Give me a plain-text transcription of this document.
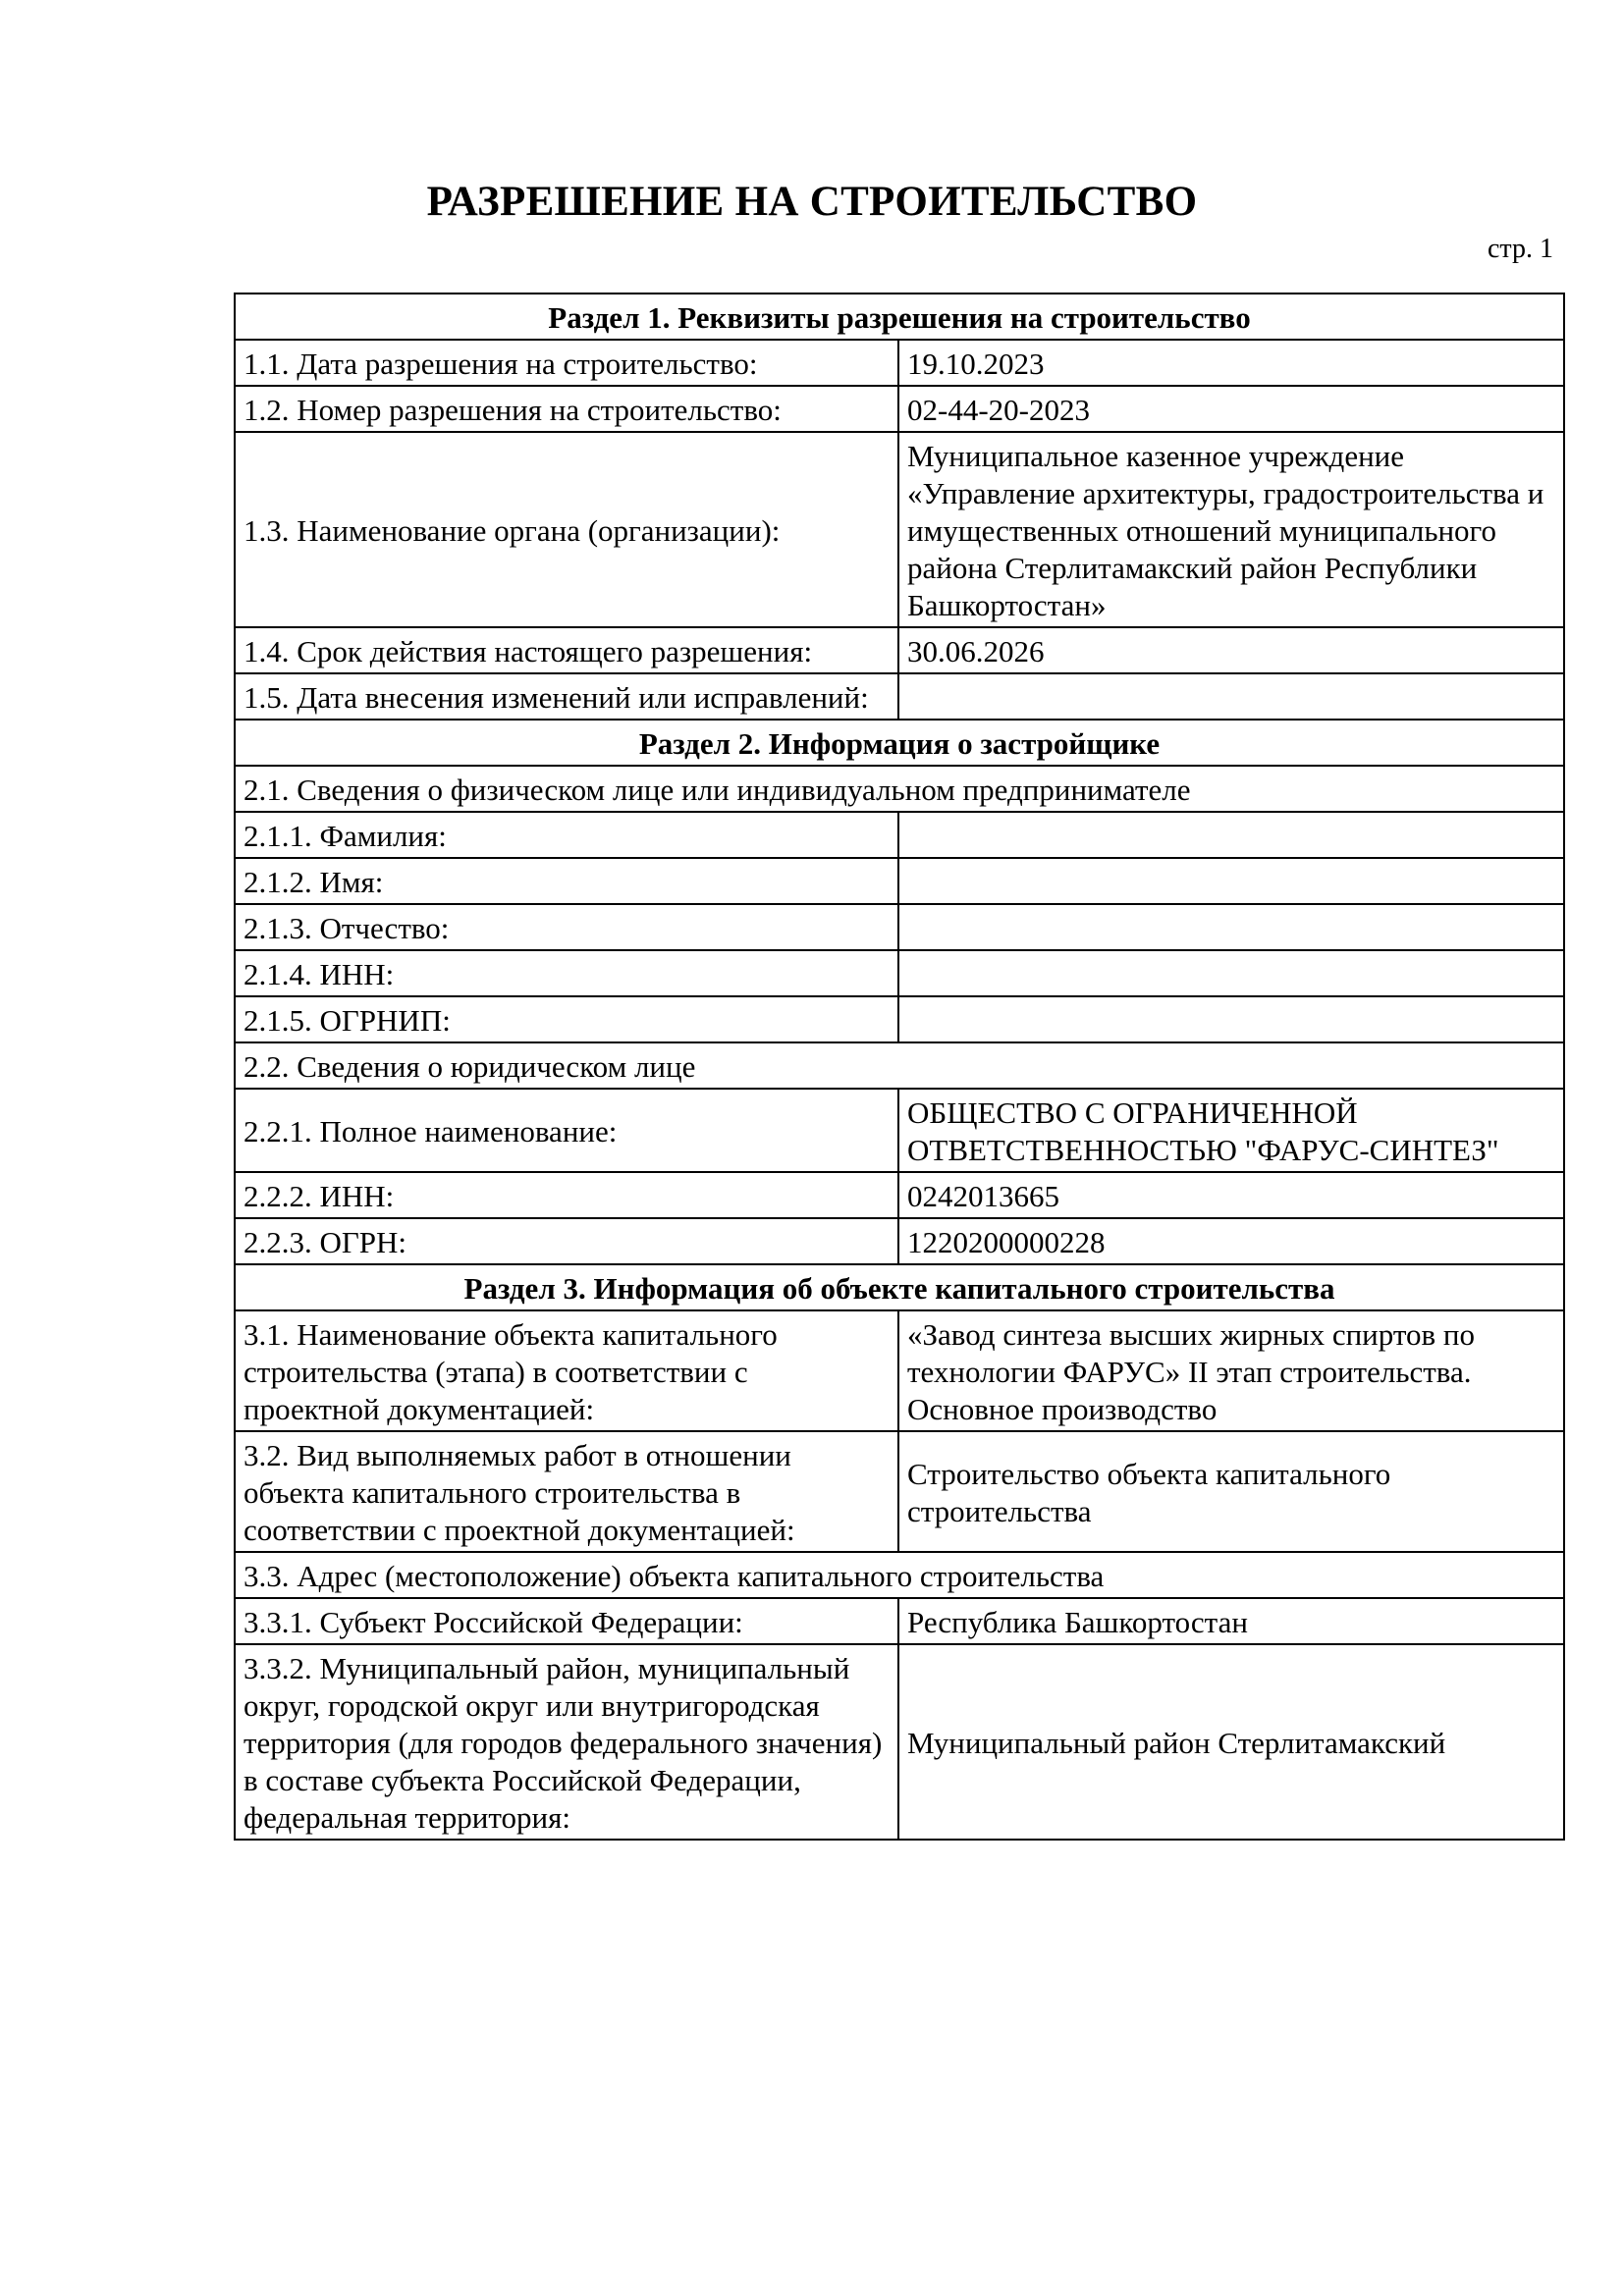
РАЗРЕШЕНИЕ НА СТРОИТЕЛЬСТВО
стр. 1
Раздел 1. Реквизиты разрешения на строительство	
1.1. Дата разрешения на строительство:	19.10.2023
1.2. Номер разрешения на строительство:	02-44-20-2023
1.3. Наименование органа (организации):	Муниципальное казенное учреждение «Управление архитектуры, градостроительства и имущественных отношений муниципального района Стерлитамакский район Республики Башкортостан»
1.4. Срок действия настоящего разрешения:	30.06.2026
1.5. Дата внесения изменений или исправлений:	
Раздел 2. Информация о застройщике	
2.1. Сведения о физическом лице или индивидуальном предпринимателе	
2.1.1. Фамилия:	
2.1.2. Имя:	
2.1.3. Отчество:	
2.1.4. ИНН:	
2.1.5. ОГРНИП:	
2.2. Сведения о юридическом лице	
2.2.1. Полное наименование:	ОБЩЕСТВО С ОГРАНИЧЕННОЙ ОТВЕТСТВЕННОСТЬЮ "ФАРУС-СИНТЕЗ"
2.2.2. ИНН:	0242013665
2.2.3. ОГРН:	1220200000228
Раздел 3. Информация об объекте капитального строительства	
3.1. Наименование объекта капитального строительства (этапа) в соответствии с проектной документацией:	«Завод синтеза высших жирных спиртов по технологии ФАРУС» II этап строительства. Основное производство
3.2. Вид выполняемых работ в отношении объекта капитального строительства в соответствии с проектной документацией:	Строительство объекта капитального строительства
3.3. Адрес (местоположение) объекта капитального строительства	
3.3.1. Субъект Российской Федерации:	Республика Башкортостан
3.3.2. Муниципальный район, муниципальный округ, городской округ или внутригородская территория (для городов федерального значения) в составе субъекта Российской Федерации, федеральная территория:	Муниципальный район Стерлитамакский
